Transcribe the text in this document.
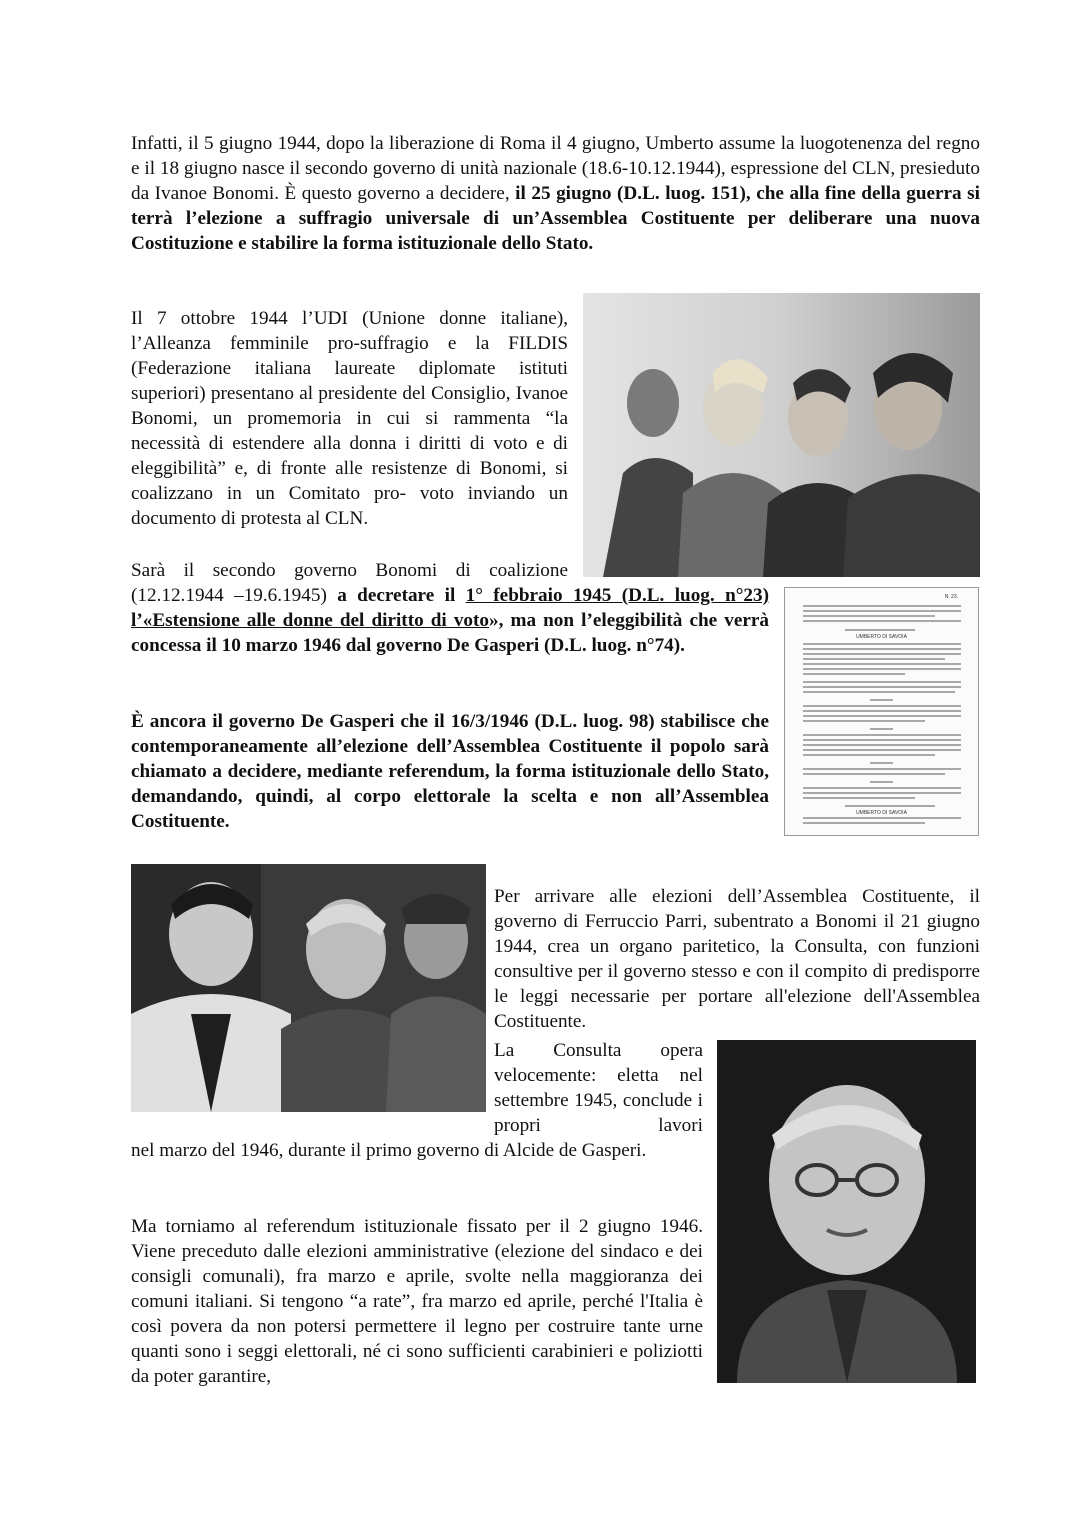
Infatti, il 5 giugno 1944, dopo la liberazione di Roma il 4 giugno, Umberto assume la luogotenenza del regno e il 18 giugno nasce il secondo governo di unità nazionale (18.6-10.12.1944), espressione del CLN, presieduto da Ivanoe Bonomi. È questo governo a decidere, il 25 giugno (D.L. luog. 151), che alla fine della guerra si terrà l’elezione a suffragio universale di un’Assemblea Costituente per deliberare una nuova Costituzione e stabilire la forma istituzionale dello Stato.
Il 7 ottobre 1944 l’UDI (Unione donne italiane), l’Alleanza femminile pro-suffragio e la FILDIS (Federazione italiana laureate diplomate istituti superiori) presentano al presidente del Consiglio, Ivanoe Bonomi, un promemoria in cui si rammenta “la necessità di estendere alla donna i diritti di voto e di eleggibilità” e, di fronte alle resistenze di Bonomi, si coalizzano in un Comitato pro- voto inviando un documento di protesta al CLN.
Sarà il secondo governo Bonomi di coalizione
(12.12.1944 –19.6.1945) a decretare il 1° febbraio 1945 (D.L. luog. n°23) l’«Estensione alle donne del diritto di voto», ma non l’eleggibilità che verrà concessa il 10 marzo 1946 dal governo De Gasperi (D.L. luog. n°74).
N. 23.
UMBERTO DI SAVOIA
UMBERTO DI SAVOIA
È ancora il governo De Gasperi che il 16/3/1946 (D.L. luog. 98) stabilisce che contemporaneamente all’elezione dell’Assemblea Costituente il popolo sarà chiamato a decidere, mediante referendum, la forma istituzionale dello Stato, demandando, quindi, al corpo elettorale la scelta e non all’Assemblea Costituente.
Per arrivare alle elezioni dell’Assemblea Costituente, il governo di Ferruccio Parri, subentrato a Bonomi il 21 giugno 1944, crea un organo paritetico, la Consulta, con funzioni consultive per il governo stesso e con il compito di predisporre le leggi necessarie per portare all'elezione dell'Assemblea Costituente.
La Consulta opera velocemente: eletta nel settembre 1945, conclude i propri lavori
nel marzo del 1946, durante il primo governo di Alcide de Gasperi.
Ma torniamo al referendum istituzionale fissato per il 2 giugno 1946. Viene preceduto dalle elezioni amministrative (elezione del sindaco e dei consigli comunali), fra marzo e aprile, svolte nella maggioranza dei comuni italiani. Si tengono “a rate”, fra marzo ed aprile, perché l'Italia è così povera da non potersi permettere il legno per costruire tante urne quanti sono i seggi elettorali, né ci sono sufficienti carabinieri e poliziotti da poter garantire,
